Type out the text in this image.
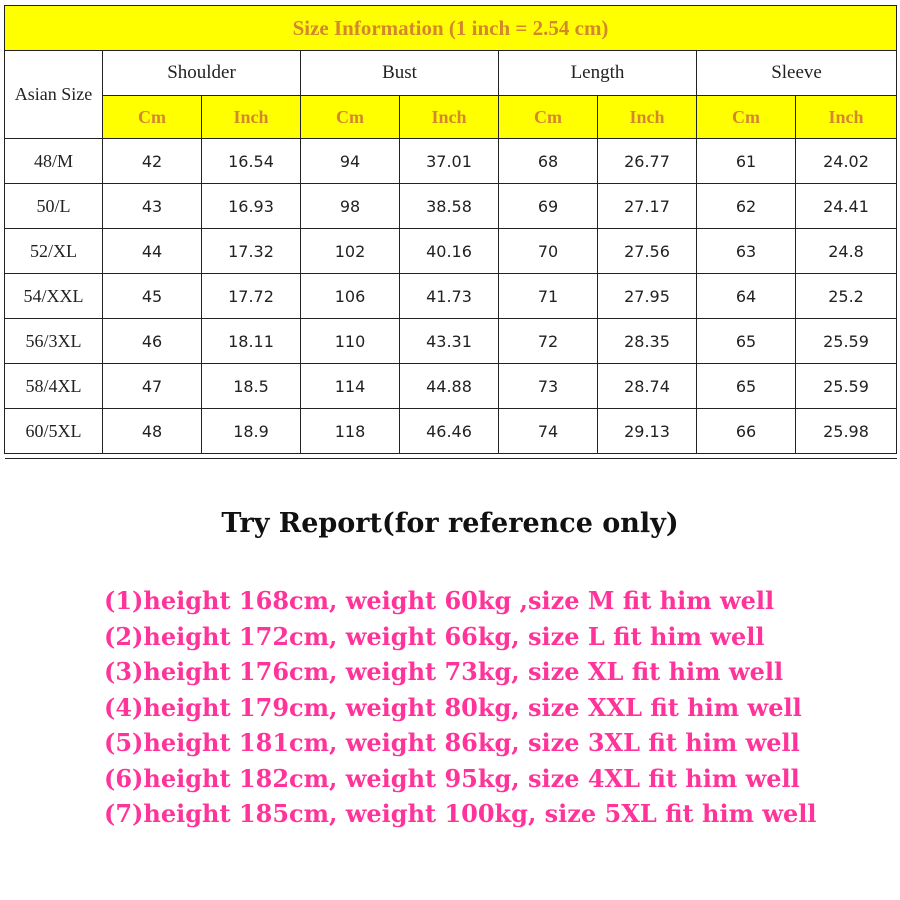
Size Information (1 inch = 2.54 cm)								
Asian Size	Shoulder		Bust		Length		Sleeve	
	Cm	Inch	Cm	Inch	Cm	Inch	Cm	Inch
48/M	42	16.54	94	37.01	68	26.77	61	24.02
50/L	43	16.93	98	38.58	69	27.17	62	24.41
52/XL	44	17.32	102	40.16	70	27.56	63	24.8
54/XXL	45	17.72	106	41.73	71	27.95	64	25.2
56/3XL	46	18.11	110	43.31	72	28.35	65	25.59
58/4XL	47	18.5	114	44.88	73	28.74	65	25.59
60/5XL	48	18.9	118	46.46	74	29.13	66	25.98

Try Report(for reference only)
(1)height 168cm, weight 60kg ,size M fit him well
(2)height 172cm, weight 66kg, size L fit him well
(3)height 176cm, weight 73kg, size XL fit him well
(4)height 179cm, weight 80kg, size XXL fit him well
(5)height 181cm, weight 86kg, size 3XL fit him well
(6)height 182cm, weight 95kg, size 4XL fit him well
(7)height 185cm, weight 100kg, size 5XL fit him well
